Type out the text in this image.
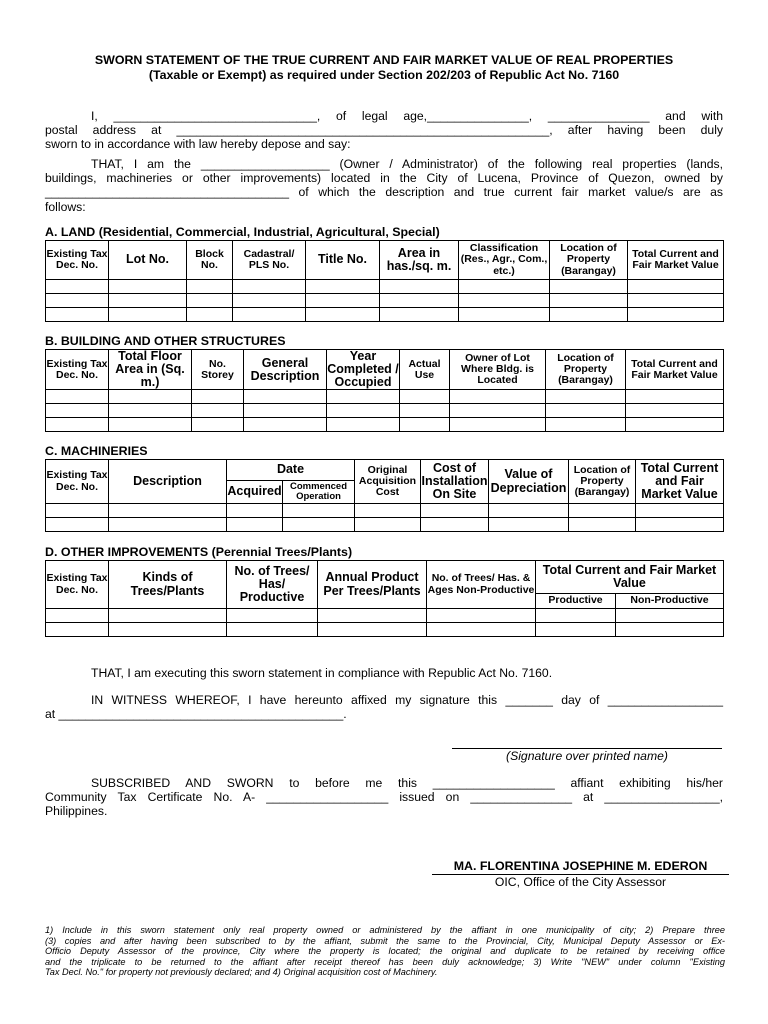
SWORN STATEMENT OF THE TRUE CURRENT AND FAIR MARKET VALUE OF REAL PROPERTIES
(Taxable or Exempt) as required under Section 202/203 of Republic Act No. 7160

I, ______________________________, of legal age,_______________, _______________ and with
postal address at _______________________________________________________, after having been duly
sworn to in accordance with law hereby depose and say:

THAT, I am the ___________________ (Owner / Administrator) of the following real properties (lands,
buildings, machineries or other improvements) located in the City of Lucena, Province of Quezon, owned by
____________________________________ of which the description and true current fair market value/s are as
follows:

A. LAND (Residential, Commercial, Industrial, Agricultural, Special)
Existing Tax Dec. No.	Lot No.	Block No.	Cadastral/ PLS No.	Title No.	Area in has./sq. m.	Classification (Res., Agr., Com., etc.)	Location of Property (Barangay)	Total Current and Fair Market Value

B. BUILDING AND OTHER STRUCTURES
Existing Tax Dec. No.	Total Floor Area in (Sq. m.)	No. Storey	General Description	Year Completed / Occupied	Actual Use	Owner of Lot Where Bldg. is Located	Location of Property (Barangay)	Total Current and Fair Market Value

C. MACHINERIES
Existing Tax Dec. No.	Description	Date		Original Acquisition Cost	Cost of Installation On Site	Value of Depreciation	Location of Property (Barangay)	Total Current and Fair Market Value
		Acquired	Commenced Operation					

D. OTHER IMPROVEMENTS (Perennial Trees/Plants)
Existing Tax Dec. No.	Kinds of Trees/Plants	No. of Trees/ Has/ Productive	Annual Product Per Trees/Plants	No. of Trees/ Has. & Ages Non-Productive	Total Current and Fair Market Value	
					Productive	Non-Productive

THAT, I am executing this sworn statement in compliance with Republic Act No. 7160.

IN WITNESS WHEREOF, I have hereunto affixed my signature this _______ day of _________________
at __________________________________________.

(Signature over printed name)

SUBSCRIBED AND SWORN to before me this __________________ affiant exhibiting his/her
Community Tax Certificate No. A- __________________ issued on _______________ at _________________,
Philippines.

MA. FLORENTINA JOSEPHINE M. EDERON
OIC, Office of the City Assessor

1) Include in this sworn statement only real property owned or administered by the affiant in one municipality of city; 2) Prepare three
(3) copies and after having been subscribed to by the affiant, submit the same to the Provincial, City, Municipal Deputy Assessor or Ex-
Officio Deputy Assessor of the province, City where the property is located; the original and duplicate to be retained by receiving office
and the triplicate to be returned to the affiant after receipt thereof has been duly acknowledge; 3) Write "NEW" under column "Existing
Tax Decl. No." for property not previously declared; and 4) Original acquisition cost of Machinery.
